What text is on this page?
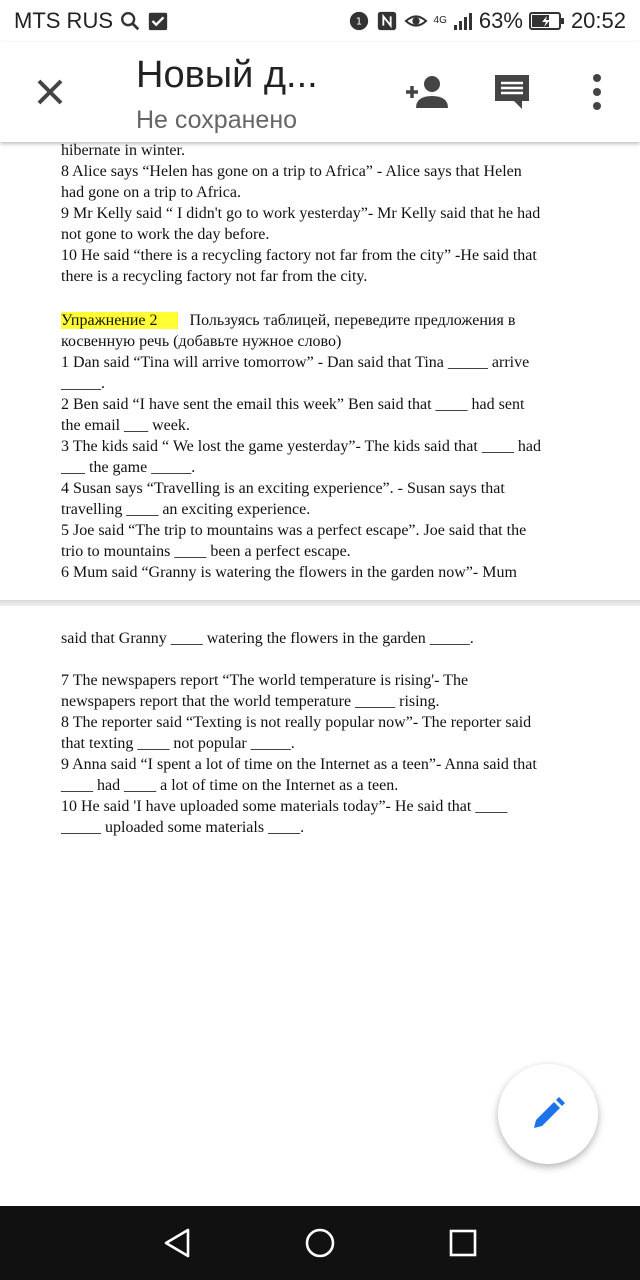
MTS RUS	1	4G 63% 20:52
Новый д...
Не сохранено
hibernate in winter.
8 Alice says “Helen has gone on a trip to Africa” - Alice says that Helen
had gone on a trip to Africa.
9 Mr Kelly said “ I didn't go to work yesterday”- Mr Kelly said that he had
not gone to work the day before.
10 He said “there is a recycling factory not far from the city” -He said that
there is a recycling factory not far from the city.
Упражнение 2   Пользуясь таблицей, переведите предложения в
косвенную речь (добавьте нужное слово)
1 Dan said “Tina will arrive tomorrow” - Dan said that Tina _____ arrive
_____.
2 Ben said “I have sent the email this week” Ben said that ____ had sent
the email ___ week.
3 The kids said “ We lost the game yesterday”- The kids said that ____ had
___ the game _____.
4 Susan says “Travelling is an exciting experience”. - Susan says that
travelling ____ an exciting experience.
5 Joe said “The trip to mountains was a perfect escape”. Joe said that the
trio to mountains ____ been a perfect escape.
6 Mum said “Granny is watering the flowers in the garden now”- Mum
said that Granny ____ watering the flowers in the garden _____.
7 The newspapers report “The world temperature is rising'- The
newspapers report that the world temperature _____ rising.
8 The reporter said “Texting is not really popular now”- The reporter said
that texting ____ not popular _____.
9 Anna said “I spent a lot of time on the Internet as a teen”- Anna said that
____ had ____ a lot of time on the Internet as a teen.
10 He said 'I have uploaded some materials today”- He said that ____
_____ uploaded some materials ____.
